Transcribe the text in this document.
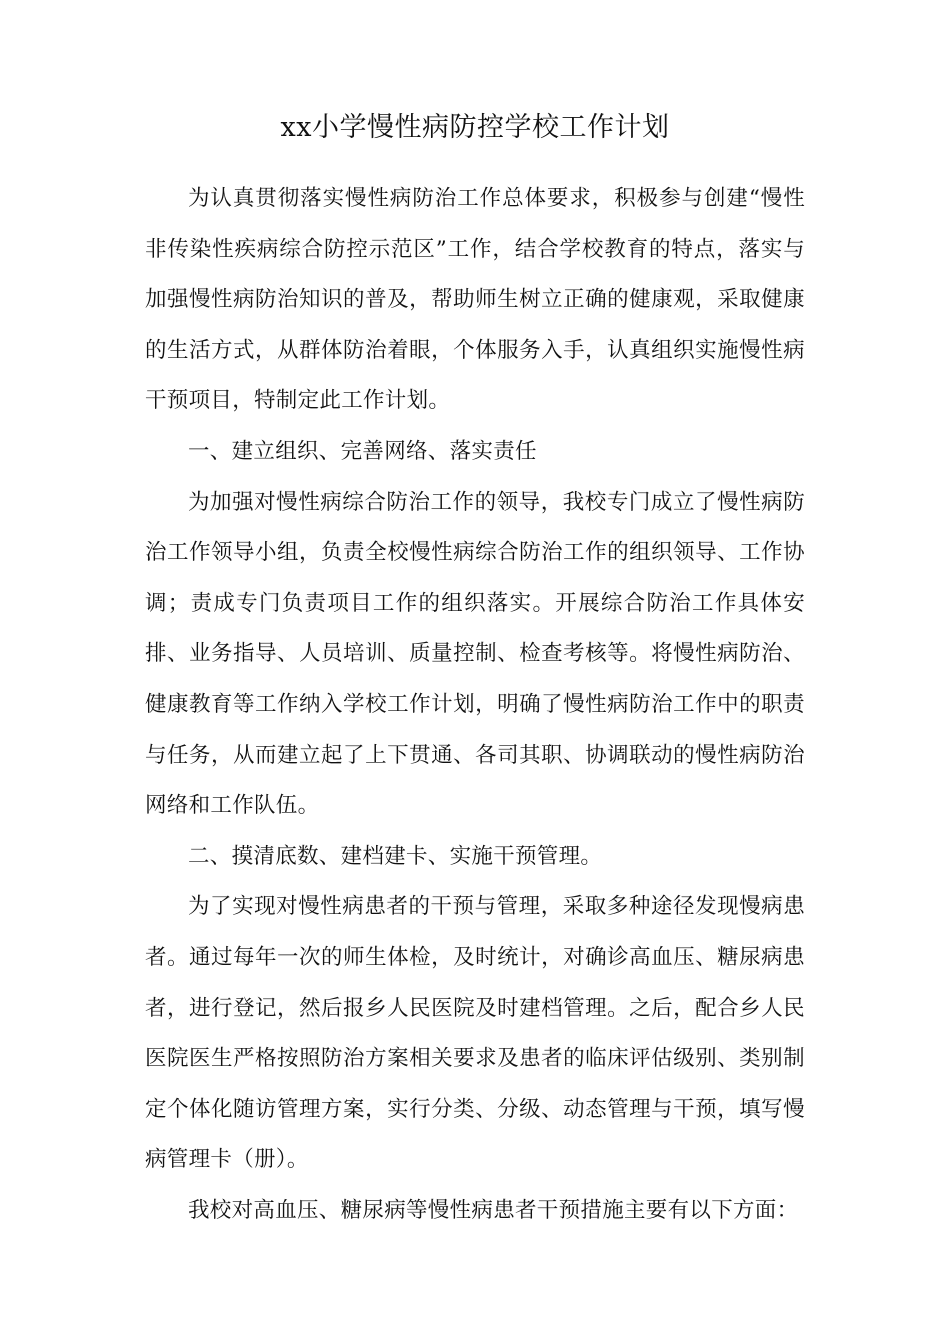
xx小学慢性病防控学校工作计划

为认真贯彻落实慢性病防治工作总体要求，积极参与创建“慢性非传染性疾病综合防控示范区”工作，结合学校教育的特点，落实与加强慢性病防治知识的普及，帮助师生树立正确的健康观，采取健康的生活方式，从群体防治着眼，个体服务入手，认真组织实施慢性病干预项目，特制定此工作计划。

一、建立组织、完善网络、落实责任

为加强对慢性病综合防治工作的领导，我校专门成立了慢性病防治工作领导小组，负责全校慢性病综合防治工作的组织领导、工作协调；责成专门负责项目工作的组织落实。开展综合防治工作具体安排、业务指导、人员培训、质量控制、检查考核等。将慢性病防治、健康教育等工作纳入学校工作计划，明确了慢性病防治工作中的职责与任务，从而建立起了上下贯通、各司其职、协调联动的慢性病防治网络和工作队伍。

二、摸清底数、建档建卡、实施干预管理。

为了实现对慢性病患者的干预与管理，采取多种途径发现慢病患者。通过每年一次的师生体检，及时统计，对确诊高血压、糖尿病患者，进行登记，然后报乡人民医院及时建档管理。之后，配合乡人民医院医生严格按照防治方案相关要求及患者的临床评估级别、类别制定个体化随访管理方案，实行分类、分级、动态管理与干预，填写慢病管理卡（册）。

我校对高血压、糖尿病等慢性病患者干预措施主要有以下方面：
